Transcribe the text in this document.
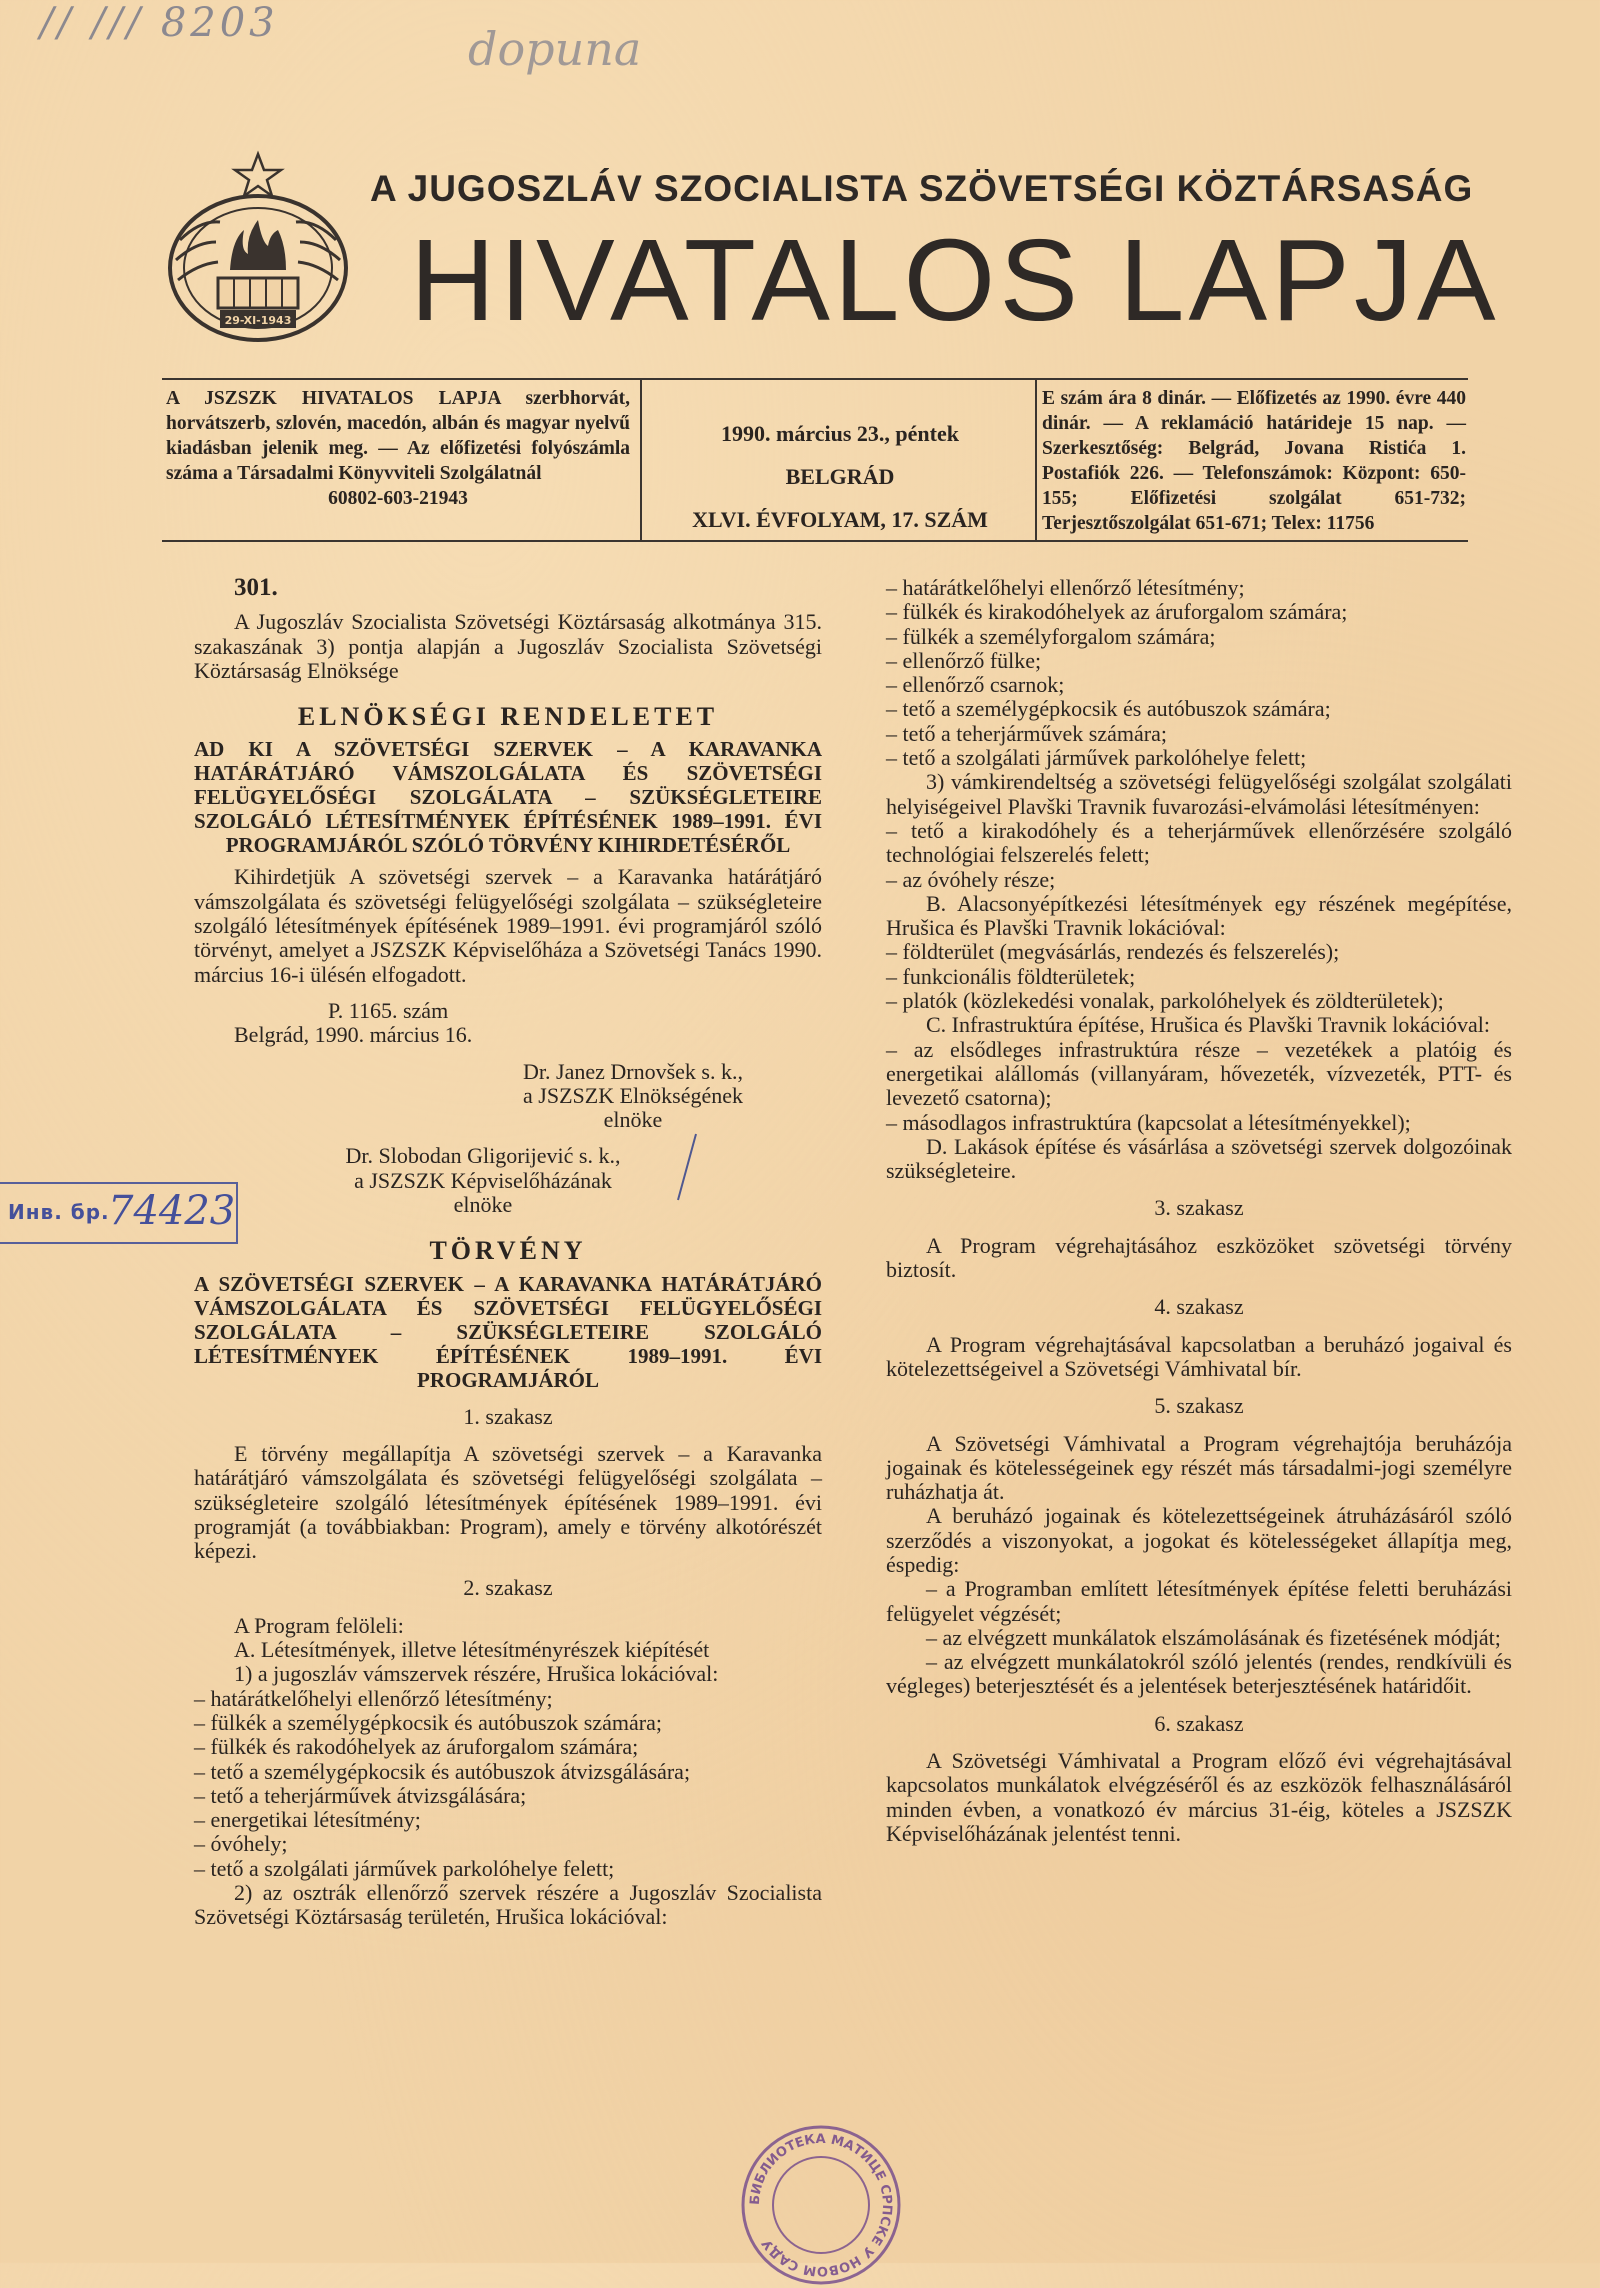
// /// 8203	dopuna
29-XI-1943
A JUGOSZLÁV SZOCIALISTA SZÖVETSÉGI KÖZTÁRSASÁG
HIVATALOS LAPJA
A JSZSZK HIVATALOS LAPJA szerbhorvát, horvátszerb, szlovén, macedón, albán és magyar nyelvű kiadásban jelenik meg. — Az előfizetési folyószámla száma a Társadalmi Könyvviteli Szolgálatnál
60802-603-21943
1990. március 23., péntek
BELGRÁD
XLVI. ÉVFOLYAM, 17. SZÁM
E szám ára 8 dinár. — Előfizetés az 1990. évre 440 dinár. — A reklamáció határideje 15 nap. — Szerkesztőség: Belgrád, Jovana Ristića 1. Postafiók 226. — Telefonszámok: Központ: 650-155; Előfizetési szolgálat 651-732; Terjesztőszolgálat 651-671; Telex: 11756

301.

A Jugoszláv Szocialista Szövetségi Köztársaság alkotmánya 315. szakaszának 3) pontja alapján a Jugoszláv Szocialista Szövetségi Köztársaság Elnöksége

ELNÖKSÉGI RENDELETET

AD KI A SZÖVETSÉGI SZERVEK – A KARAVANKA HATÁRÁTJÁRÓ VÁMSZOLGÁLATA ÉS SZÖVETSÉGI FELÜGYELŐSÉGI SZOLGÁLATA – SZÜKSÉGLETEIRE SZOLGÁLÓ LÉTESÍTMÉNYEK ÉPÍTÉSÉNEK 1989–1991. ÉVI PROGRAMJÁRÓL SZÓLÓ TÖRVÉNY KIHIRDETÉSÉRŐL

Kihirdetjük A szövetségi szervek – a Karavanka határátjáró vámszolgálata és szövetségi felügyelőségi szolgálata – szükségleteire szolgáló létesítmények építésének 1989–1991. évi programjáról szóló törvényt, amelyet a JSZSZK Képviselőháza a Szövetségi Tanács 1990. március 16-i ülésén elfogadott.

P. 1165. szám

Belgrád, 1990. március 16.

Dr. Janez Drnovšek s. k.,

a JSZSZK Elnökségének

elnöke

Dr. Slobodan Gligorijević s. k.,

a JSZSZK Képviselőházának

elnöke

TÖRVÉNY

A SZÖVETSÉGI SZERVEK – A KARAVANKA HATÁRÁTJÁRÓ VÁMSZOLGÁLATA ÉS SZÖVETSÉGI FELÜGYELŐSÉGI SZOLGÁLATA – SZÜKSÉGLETEIRE SZOLGÁLÓ LÉTESÍTMÉNYEK ÉPÍTÉSÉNEK 1989–1991. ÉVI PROGRAMJÁRÓL

1. szakasz

E törvény megállapítja A szövetségi szervek – a Karavanka határátjáró vámszolgálata és szövetségi felügyelőségi szolgálata – szükségleteire szolgáló létesítmények építésének 1989–1991. évi programját (a továbbiakban: Program), amely e törvény alkotórészét képezi.

2. szakasz

A Program felöleli:

A. Létesítmények, illetve létesítményrészek kiépítését

1) a jugoszláv vámszervek részére, Hrušica lokációval:

– határátkelőhelyi ellenőrző létesítmény;

– fülkék a személygépkocsik és autóbuszok számára;

– fülkék és rakodóhelyek az áruforgalom számára;

– tető a személygépkocsik és autóbuszok átvizsgálására;

– tető a teherjárművek átvizsgálására;

– energetikai létesítmény;

– óvóhely;

– tető a szolgálati járművek parkolóhelye felett;

2) az osztrák ellenőrző szervek részére a Jugoszláv Szocialista Szövetségi Köztársaság területén, Hrušica lokációval:

– határátkelőhelyi ellenőrző létesítmény;

– fülkék és kirakodóhelyek az áruforgalom számára;

– fülkék a személyforgalom számára;

– ellenőrző fülke;

– ellenőrző csarnok;

– tető a személygépkocsik és autóbuszok számára;

– tető a teherjárművek számára;

– tető a szolgálati járművek parkolóhelye felett;

3) vámkirendeltség a szövetségi felügyelőségi szolgálat szolgálati helyiségeivel Plavški Travnik fuvarozási-elvámolási létesítményen:

– tető a kirakodóhely és a teherjárművek ellenőrzésére szolgáló technológiai felszerelés felett;

– az óvóhely része;

B. Alacsonyépítkezési létesítmények egy részének megépítése, Hrušica és Plavški Travnik lokációval:

– földterület (megvásárlás, rendezés és felszerelés);

– funkcionális földterületek;

– platók (közlekedési vonalak, parkolóhelyek és zöldterületek);

C. Infrastruktúra építése, Hrušica és Plavški Travnik lokációval:

– az elsődleges infrastruktúra része – vezetékek a platóig és energetikai alállomás (villanyáram, hővezeték, vízvezeték, PTT- és levezető csatorna);

– másodlagos infrastruktúra (kapcsolat a létesítményekkel);

D. Lakások építése és vásárlása a szövetségi szervek dolgozóinak szükségleteire.

3. szakasz

A Program végrehajtásához eszközöket szövetségi törvény biztosít.

4. szakasz

A Program végrehajtásával kapcsolatban a beruházó jogaival és kötelezettségeivel a Szövetségi Vámhivatal bír.

5. szakasz

A Szövetségi Vámhivatal a Program végrehajtója beruházója jogainak és kötelességeinek egy részét más társadalmi-jogi személyre ruházhatja át.

A beruházó jogainak és kötelezettségeinek átruházásáról szóló szerződés a viszonyokat, a jogokat és kötelességeket állapítja meg, éspedig:

– a Programban említett létesítmények építése feletti beruházási felügyelet végzését;

– az elvégzett munkálatok elszámolásának és fizetésének módját;

– az elvégzett munkálatokról szóló jelentés (rendes, rendkívüli és végleges) beterjesztését és a jelentések beterjesztésének határidőit.

6. szakasz

A Szövetségi Vámhivatal a Program előző évi végrehajtásával kapcsolatos munkálatok elvégzéséről és az eszközök felhasználásáról minden évben, a vonatkozó év március 31-éig, köteles a JSZSZK Képviselőházának jelentést tenni.

Инв. бр.
74423
БИБЛИОТЕКА МАТИЦЕ СРПСКЕ У НОВОМ САДУ
